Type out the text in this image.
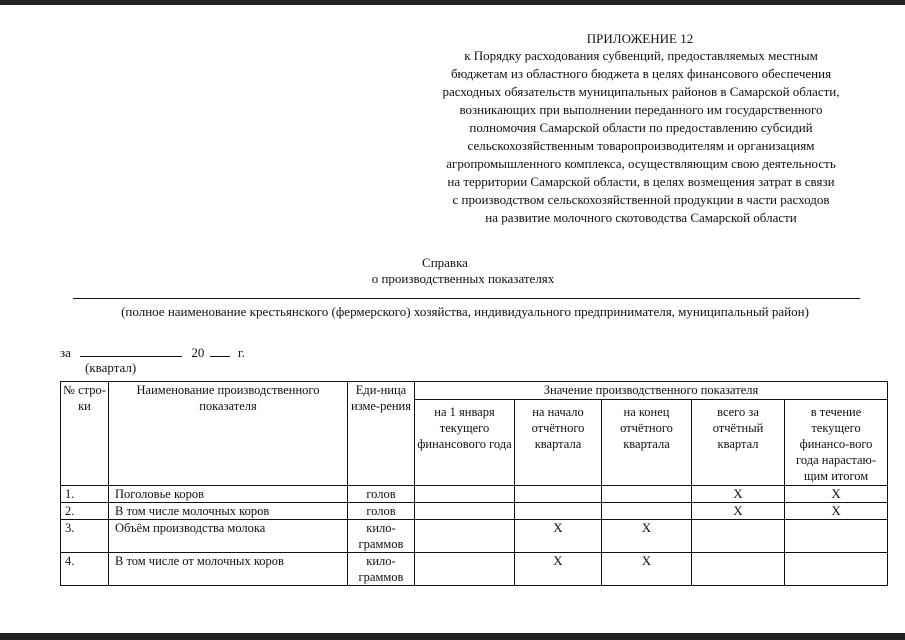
ПРИЛОЖЕНИЕ 12
к Порядку расходования субвенций, предоставляемых местным
бюджетам из областного бюджета в целях финансового обеспечения
расходных обязательств муниципальных районов в Самарской области,
возникающих при выполнении переданного им государственного
полномочия Самарской области по предоставлению субсидий
сельскохозяйственным товаропроизводителям и организациям
агропромышленного комплекса, осуществляющим свою деятельность
на территории Самарской области, в целях возмещения затрат в связи
с производством сельскохозяйственной продукции в части расходов
на развитие молочного скотоводства Самарской области
Справка
о производственных показателях
(полное наименование крестьянского (фермерского) хозяйства, индивидуального предпринимателя, муниципальный район)
за	20	г.
(квартал)
№ стро-ки	Наименование производственного показателя	Еди-ница изме-рения	Значение производственного показателя				
			на 1 января текущего финансового года	на начало отчётного квартала	на конец отчётного квартала	всего за отчётный квартал	в течение текущего финансо-вого года нарастаю-щим итогом
1.	Поголовье коров	голов				X	X
2.	В том числе молочных коров	голов				X	X
3.	Объём производства молока	кило-граммов		X	X		
4.	В том числе от молочных коров	кило-граммов		X	X		
